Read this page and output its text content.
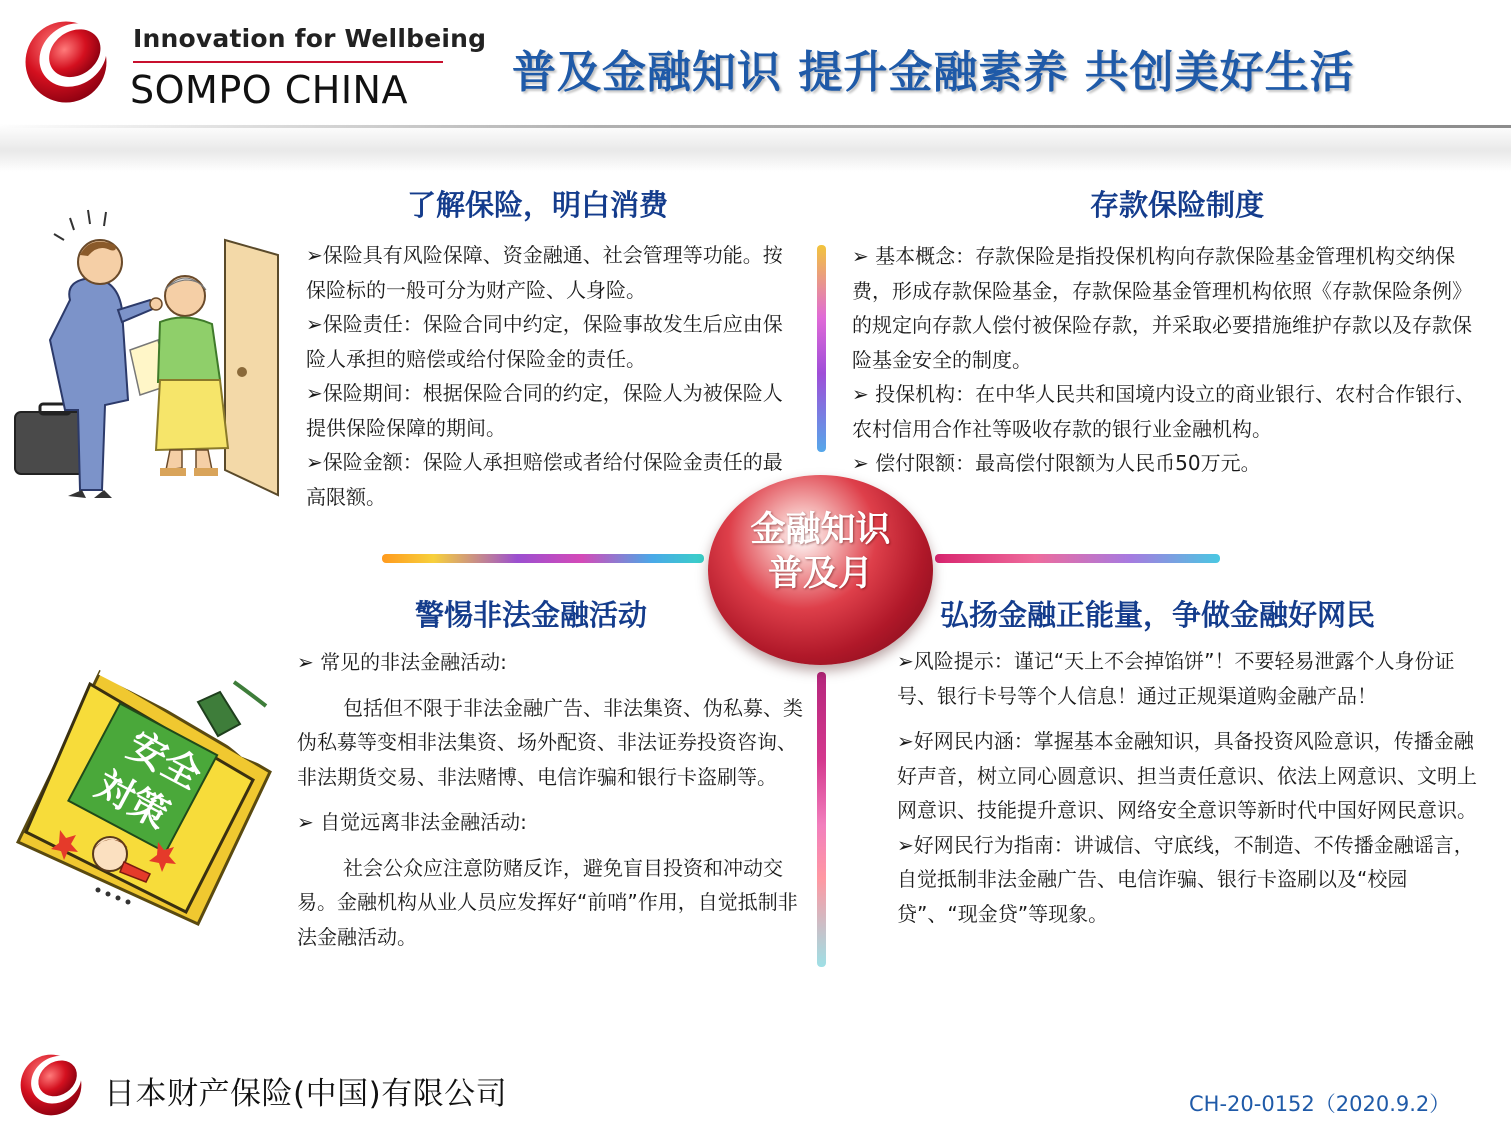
Innovation for Wellbeing
SOMPO CHINA 普及金融知识 提升金融素养 共创美好生活
安全
対策
金融知识
普及月
了解保险，明白消费

➢保险具有风险保障、资金融通、社会管理等功能。按保险标的一般可分为财产险、人身险。

➢保险责任：保险合同中约定，保险事故发生后应由保险人承担的赔偿或给付保险金的责任。

➢保险期间：根据保险合同的约定，保险人为被保险人提供保险保障的期间。

➢保险金额：保险人承担赔偿或者给付保险金责任的最高限额。

存款保险制度

➢ 基本概念：存款保险是指投保机构向存款保险基金管理机构交纳保费，形成存款保险基金，存款保险基金管理机构依照《存款保险条例》的规定向存款人偿付被保险存款，并采取必要措施维护存款以及存款保险基金安全的制度。

➢ 投保机构：在中华人民共和国境内设立的商业银行、农村合作银行、农村信用合作社等吸收存款的银行业金融机构。

➢ 偿付限额：最高偿付限额为人民币50万元。

警惕非法金融活动

➢ 常见的非法金融活动:

包括但不限于非法金融广告、非法集资、伪私募、类伪私募等变相非法集资、场外配资、非法证券投资咨询、非法期货交易、非法赌博、电信诈骗和银行卡盗刷等。

➢ 自觉远离非法金融活动:

社会公众应注意防赌反诈，避免盲目投资和冲动交易。金融机构从业人员应发挥好“前哨”作用，自觉抵制非法金融活动。

弘扬金融正能量，争做金融好网民

➢风险提示：谨记“天上不会掉馅饼”！不要轻易泄露个人身份证号、银行卡号等个人信息！通过正规渠道购金融产品！

➢好网民内涵：掌握基本金融知识，具备投资风险意识，传播金融好声音，树立同心圆意识、担当责任意识、依法上网意识、文明上网意识、技能提升意识、网络安全意识等新时代中国好网民意识。

➢好网民行为指南：讲诚信、守底线，不制造、不传播金融谣言，自觉抵制非法金融广告、电信诈骗、银行卡盗刷以及“校园贷”、“现金贷”等现象。

日本财产保险(中国)有限公司	CH-20-0152（2020.9.2）
